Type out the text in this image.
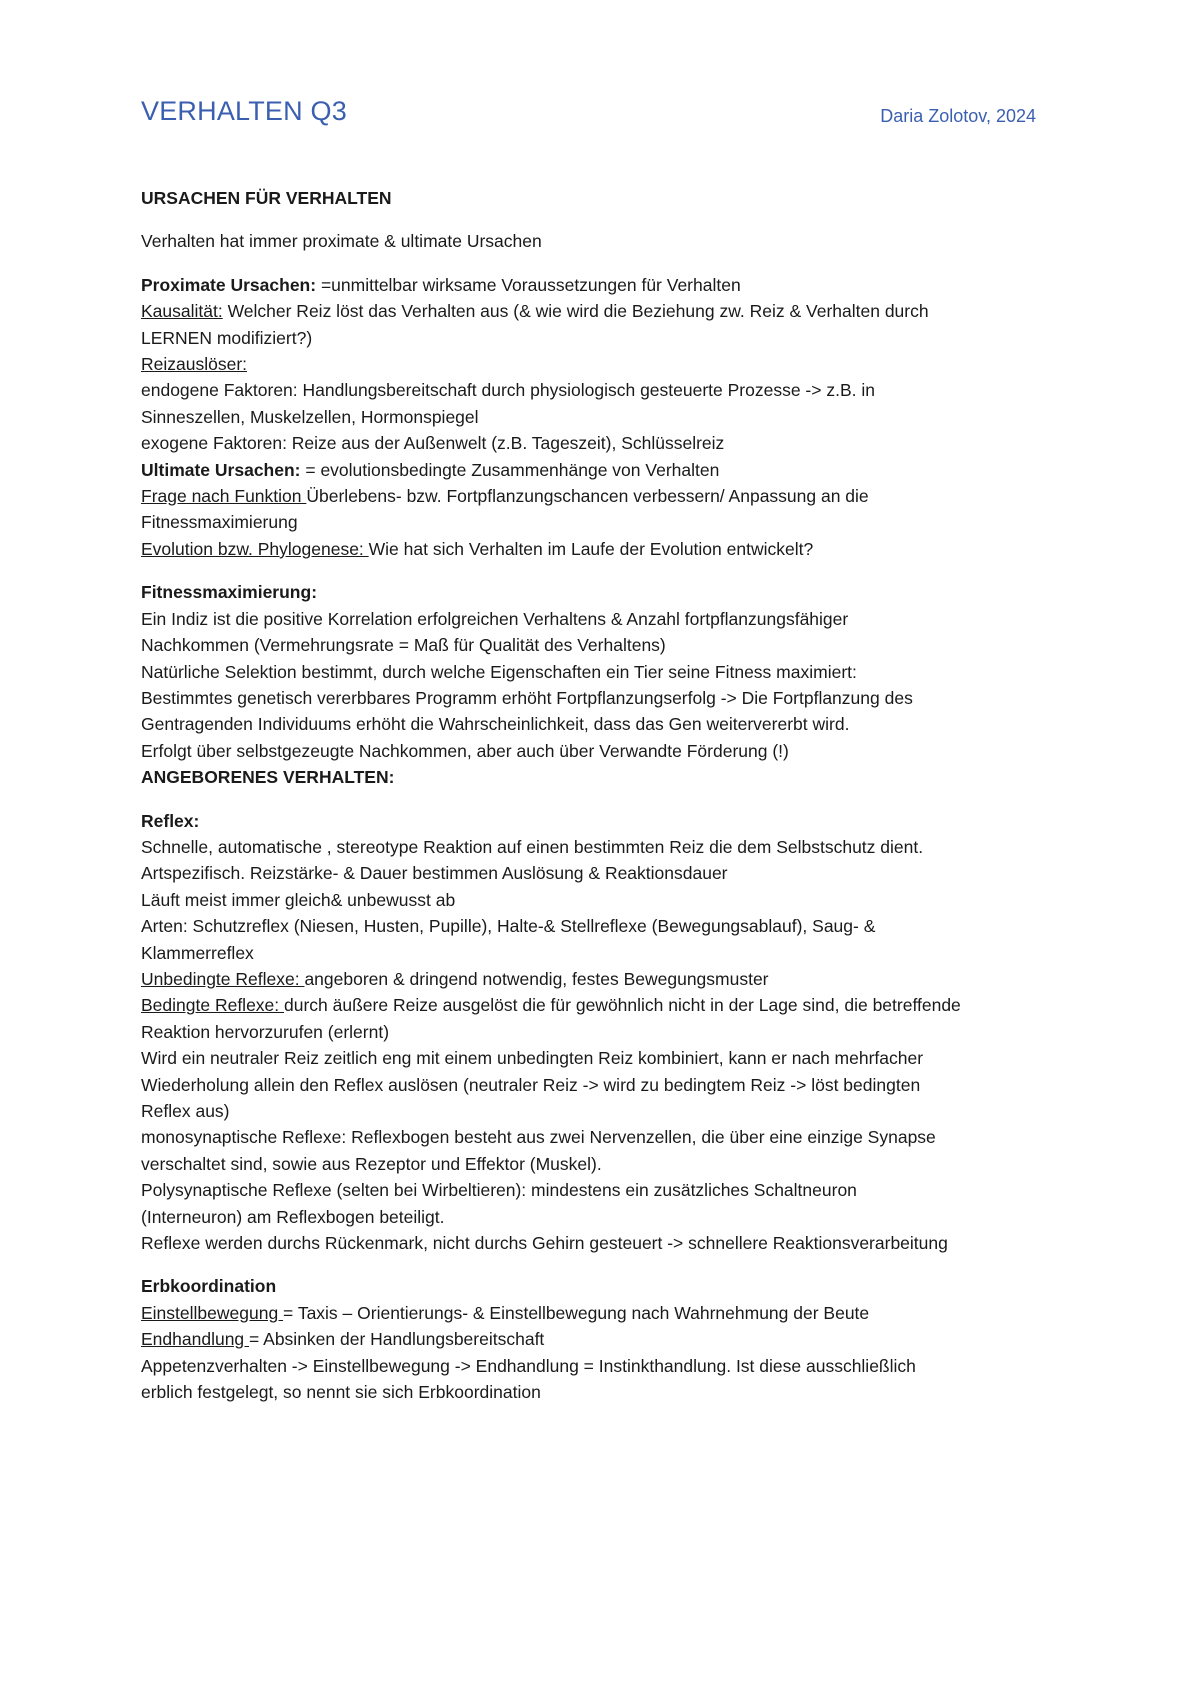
VERHALTEN Q3	Daria Zolotov, 2024
URSACHEN FÜR VERHALTEN
Verhalten hat immer proximate & ultimate Ursachen
Proximate Ursachen: =unmittelbar wirksame Voraussetzungen für Verhalten
Kausalität: Welcher Reiz löst das Verhalten aus (& wie wird die Beziehung zw. Reiz & Verhalten durch
LERNEN modifiziert?)
Reizauslöser:
endogene Faktoren: Handlungsbereitschaft durch physiologisch gesteuerte Prozesse -> z.B. in
Sinneszellen, Muskelzellen, Hormonspiegel
exogene Faktoren: Reize aus der Außenwelt (z.B. Tageszeit), Schlüsselreiz
Ultimate Ursachen: = evolutionsbedingte Zusammenhänge von Verhalten
Frage nach Funktion Überlebens- bzw. Fortpflanzungschancen verbessern/ Anpassung an die
Fitnessmaximierung
Evolution bzw. Phylogenese: Wie hat sich Verhalten im Laufe der Evolution entwickelt?
Fitnessmaximierung:
Ein Indiz ist die positive Korrelation erfolgreichen Verhaltens & Anzahl fortpflanzungsfähiger
Nachkommen (Vermehrungsrate = Maß für Qualität des Verhaltens)
Natürliche Selektion bestimmt, durch welche Eigenschaften ein Tier seine Fitness maximiert:
Bestimmtes genetisch vererbbares Programm erhöht Fortpflanzungserfolg -> Die Fortpflanzung des
Gentragenden Individuums erhöht die Wahrscheinlichkeit, dass das Gen weitervererbt wird.
Erfolgt über selbstgezeugte Nachkommen, aber auch über Verwandte Förderung (!)
ANGEBORENES VERHALTEN:
Reflex:
Schnelle, automatische , stereotype Reaktion auf einen bestimmten Reiz die dem Selbstschutz dient.
Artspezifisch. Reizstärke- & Dauer bestimmen Auslösung & Reaktionsdauer
Läuft meist immer gleich& unbewusst ab
Arten: Schutzreflex (Niesen, Husten, Pupille), Halte-& Stellreflexe (Bewegungsablauf), Saug- &
Klammerreflex
Unbedingte Reflexe: angeboren & dringend notwendig, festes Bewegungsmuster
Bedingte Reflexe: durch äußere Reize ausgelöst die für gewöhnlich nicht in der Lage sind, die betreffende
Reaktion hervorzurufen (erlernt)
Wird ein neutraler Reiz zeitlich eng mit einem unbedingten Reiz kombiniert, kann er nach mehrfacher
Wiederholung allein den Reflex auslösen (neutraler Reiz -> wird zu bedingtem Reiz -> löst bedingten
Reflex aus)
monosynaptische Reflexe: Reflexbogen besteht aus zwei Nervenzellen, die über eine einzige Synapse
verschaltet sind, sowie aus Rezeptor und Effektor (Muskel).
Polysynaptische Reflexe (selten bei Wirbeltieren): mindestens ein zusätzliches Schaltneuron
(Interneuron) am Reflexbogen beteiligt.
Reflexe werden durchs Rückenmark, nicht durchs Gehirn gesteuert -> schnellere Reaktionsverarbeitung
Erbkoordination
Einstellbewegung = Taxis – Orientierungs- & Einstellbewegung nach Wahrnehmung der Beute
Endhandlung = Absinken der Handlungsbereitschaft
Appetenzverhalten -> Einstellbewegung -> Endhandlung = Instinkthandlung. Ist diese ausschließlich
erblich festgelegt, so nennt sie sich Erbkoordination
